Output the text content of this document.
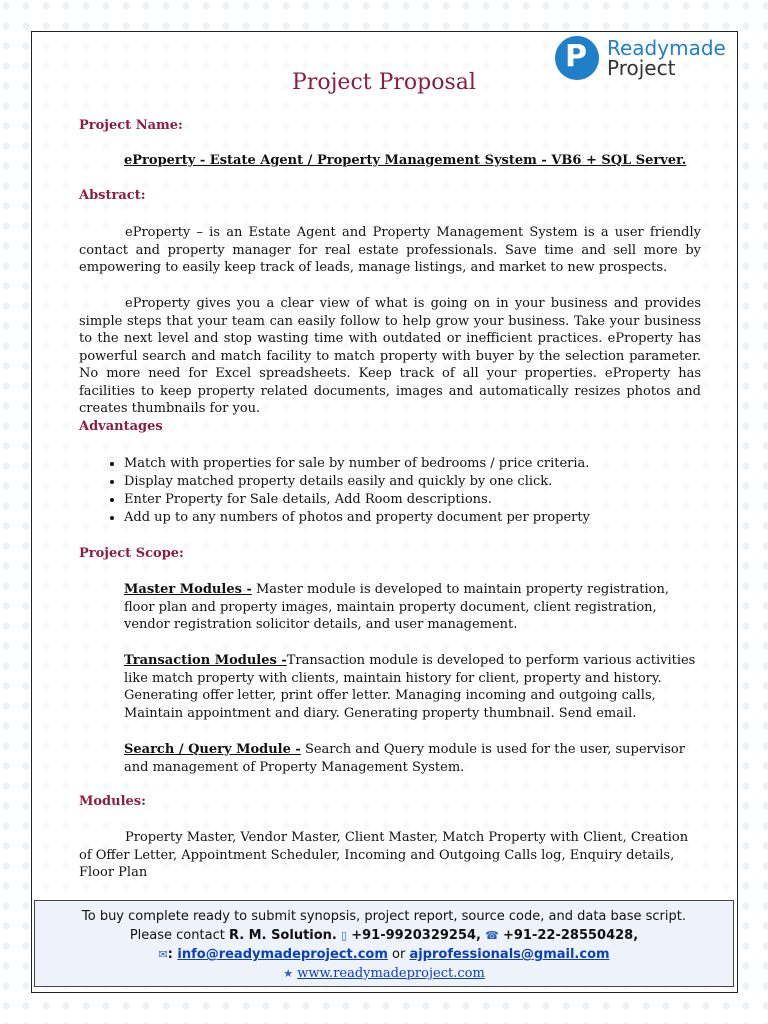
P Readymade
Project
Project Proposal
Project Name:
eProperty - Estate Agent / Property Management System - VB6 + SQL Server.
Abstract:
eProperty – is an Estate Agent and Property Management System is a user friendly contact and property manager for real estate professionals. Save time and sell more by empowering to easily keep track of leads, manage listings, and market to new prospects.
eProperty gives you a clear view of what is going on in your business and provides simple steps that your team can easily follow to help grow your business. Take your business to the next level and stop wasting time with outdated or inefficient practices. eProperty has powerful search and match facility to match property with buyer by the selection parameter. No more need for Excel spreadsheets. Keep track of all your properties. eProperty has facilities to keep property related documents, images and automatically resizes photos and creates thumbnails for you.
Advantages
• Match with properties for sale by number of bedrooms / price criteria.
• Display matched property details easily and quickly by one click.
• Enter Property for Sale details, Add Room descriptions.
• Add up to any numbers of photos and property document per property
Project Scope:
Master Modules - Master module is developed to maintain property registration, floor plan and property images, maintain property document, client registration, vendor registration solicitor details, and user management.
Transaction Modules -Transaction module is developed to perform various activities like match property with clients, maintain history for client, property and history. Generating offer letter, print offer letter. Managing incoming and outgoing calls, Maintain appointment and diary. Generating property thumbnail. Send email.
Search / Query Module - Search and Query module is used for the user, supervisor and management of Property Management System.
Modules:
Property Master, Vendor Master, Client Master, Match Property with Client, Creation of Offer Letter, Appointment Scheduler, Incoming and Outgoing Calls log, Enquiry details, Floor Plan
To buy complete ready to submit synopsis, project report, source code, and data base script.
Please contact R. M. Solution. ▯ +91-9920329254, ☎ +91-22-28550428,
✉: info@readymadeproject.com or ajprofessionals@gmail.com
★ www.readymadeproject.com
